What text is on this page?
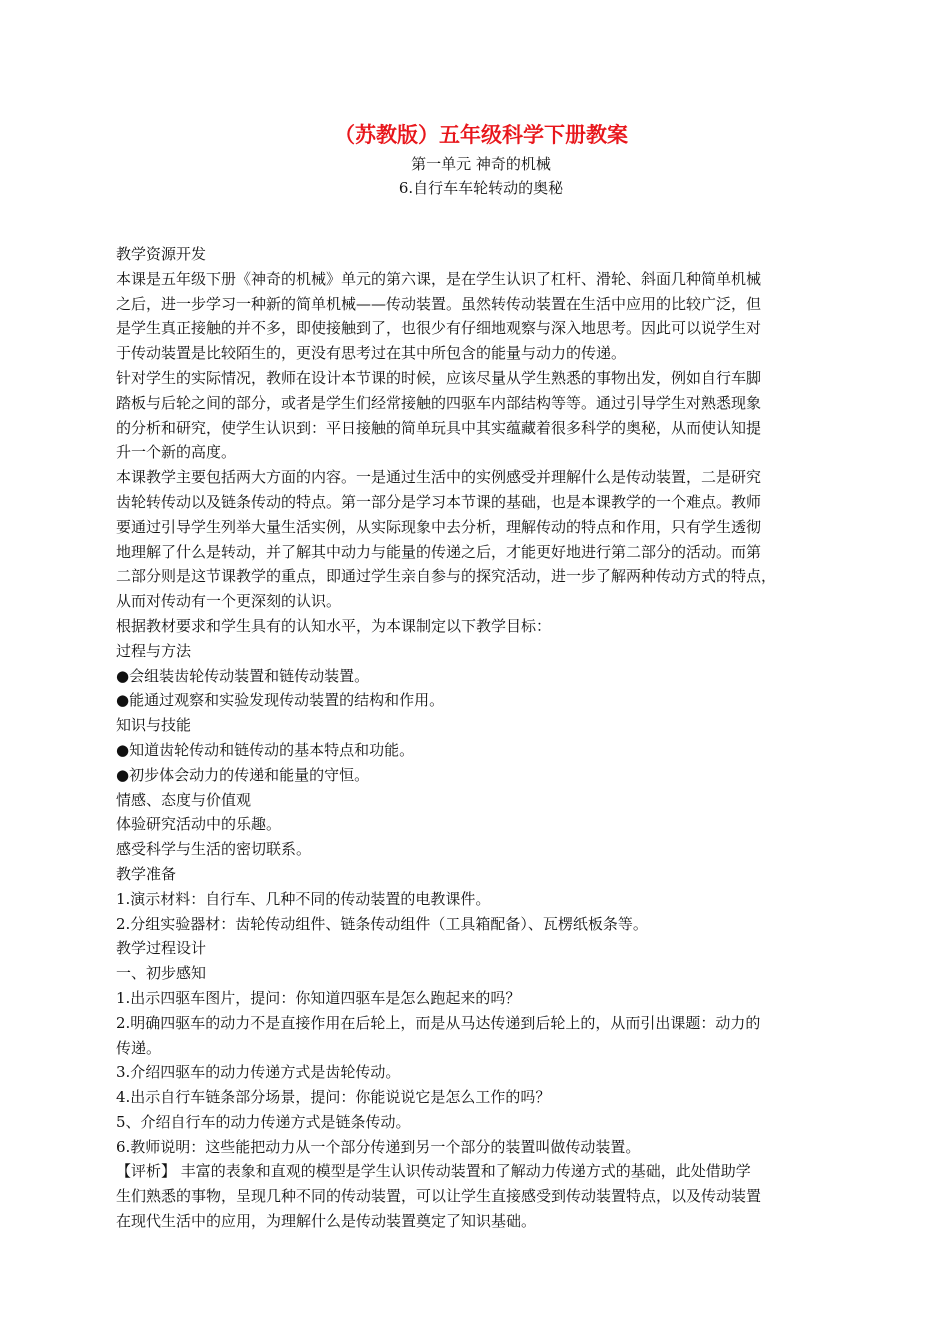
（苏教版）五年级科学下册教案

第一单元 神奇的机械

6.自行车车轮转动的奥秘

教学资源开发

本课是五年级下册《神奇的机械》单元的第六课，是在学生认识了杠杆、滑轮、斜面几种简单机械

之后，进一步学习一种新的简单机械——传动装置。虽然转传动装置在生活中应用的比较广泛，但

是学生真正接触的并不多，即使接触到了，也很少有仔细地观察与深入地思考。因此可以说学生对

于传动装置是比较陌生的，更没有思考过在其中所包含的能量与动力的传递。

针对学生的实际情况，教师在设计本节课的时候，应该尽量从学生熟悉的事物出发，例如自行车脚

踏板与后轮之间的部分，或者是学生们经常接触的四驱车内部结构等等。通过引导学生对熟悉现象

的分析和研究，使学生认识到：平日接触的简单玩具中其实蕴藏着很多科学的奥秘，从而使认知提

升一个新的高度。

本课教学主要包括两大方面的内容。一是通过生活中的实例感受并理解什么是传动装置，二是研究

齿轮转传动以及链条传动的特点。第一部分是学习本节课的基础，也是本课教学的一个难点。教师

要通过引导学生列举大量生活实例，从实际现象中去分析，理解传动的特点和作用，只有学生透彻

地理解了什么是转动，并了解其中动力与能量的传递之后，才能更好地进行第二部分的活动。而第

二部分则是这节课教学的重点，即通过学生亲自参与的探究活动，进一步了解两种传动方式的特点，

从而对传动有一个更深刻的认识。

根据教材要求和学生具有的认知水平，为本课制定以下教学目标：

过程与方法

● 会组装齿轮传动装置和链传动装置。

● 能通过观察和实验发现传动装置的结构和作用。

知识与技能

● 知道齿轮传动和链传动的基本特点和功能。

● 初步体会动力的传递和能量的守恒。

情感、态度与价值观

体验研究活动中的乐趣。

感受科学与生活的密切联系。

教学准备

1.演示材料：自行车、几种不同的传动装置的电教课件。

2.分组实验器材：齿轮传动组件、链条传动组件（工具箱配备）、瓦楞纸板条等。

教学过程设计

一、初步感知

1.出示四驱车图片，提问：你知道四驱车是怎么跑起来的吗？

2.明确四驱车的动力不是直接作用在后轮上，而是从马达传递到后轮上的，从而引出课题：动力的

传递。

3.介绍四驱车的动力传递方式是齿轮传动。

4.出示自行车链条部分场景，提问：你能说说它是怎么工作的吗？

5、介绍自行车的动力传递方式是链条传动。

6.教师说明：这些能把动力从一个部分传递到另一个部分的装置叫做传动装置。

【评析】 丰富的表象和直观的模型是学生认识传动装置和了解动力传递方式的基础，此处借助学

生们熟悉的事物，呈现几种不同的传动装置，可以让学生直接感受到传动装置特点，以及传动装置

在现代生活中的应用，为理解什么是传动装置奠定了知识基础。
